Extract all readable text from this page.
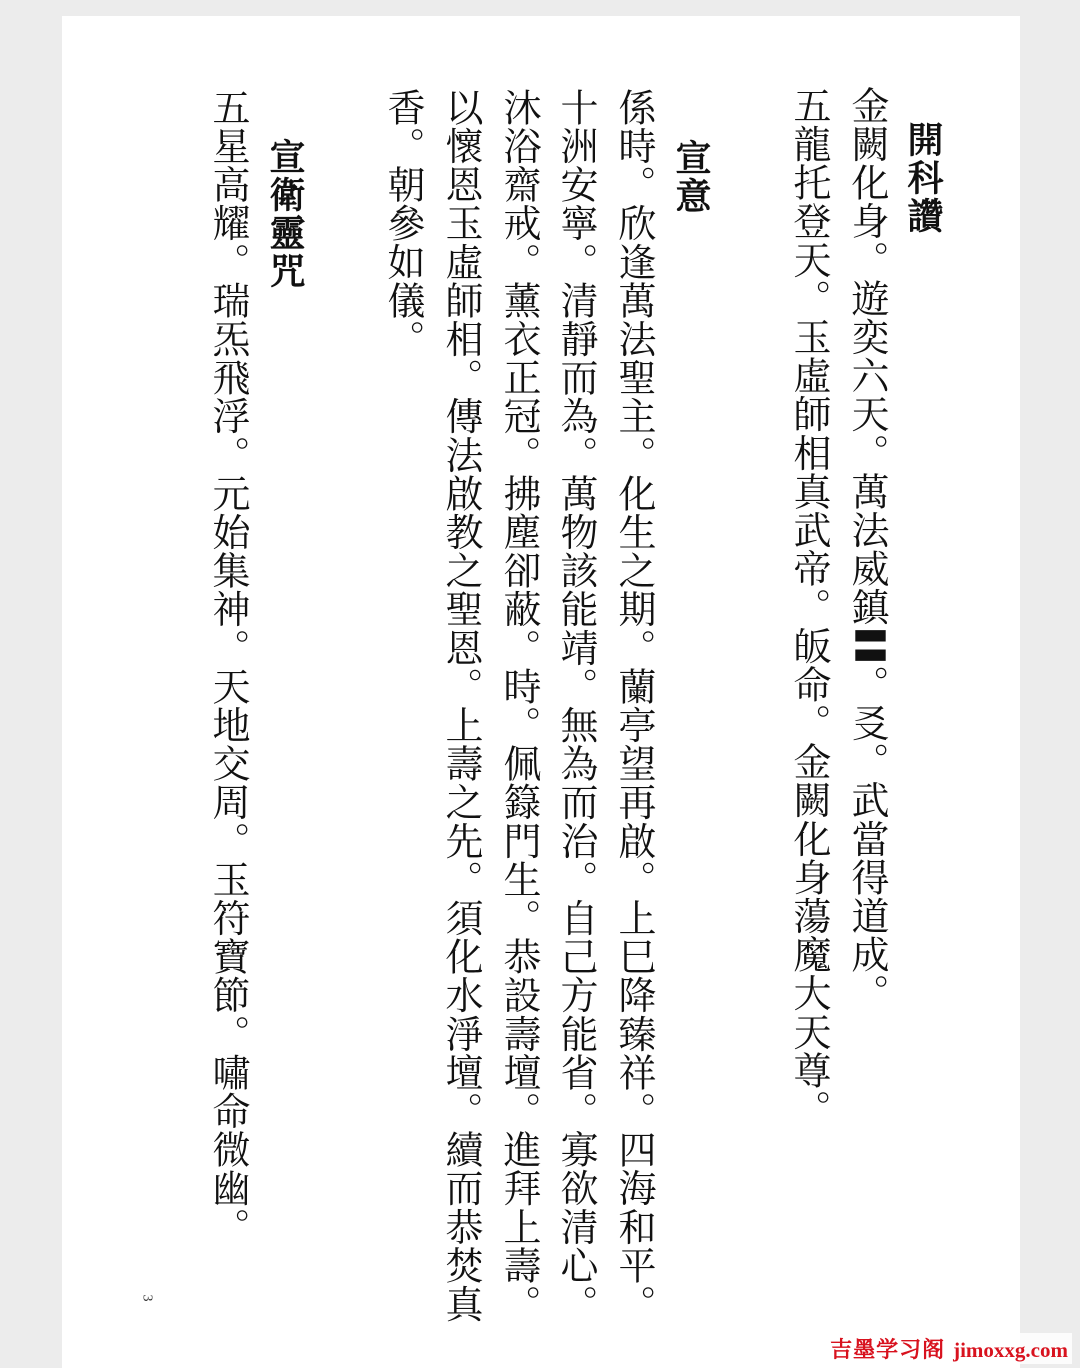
開科讚
金闕化身。遊奕六天。萬法威鎮〓。㕛。武當得道成。
五龍托登天。玉虛師相真武帝。皈命。金闕化身蕩魔大天尊。
宣意
係時。欣逢萬法聖主。化生之期。蘭亭望再啟。上巳降臻祥。四海和平。
十洲安寧。清靜而為。萬物該能靖。無為而治。自己方能省。寡欲清心。
沐浴齋戒。薰衣正冠。拂塵卻蔽。時。佩籙門生。恭設壽壇。進拜上壽。
以懷恩玉虛師相。傳法啟教之聖恩。上壽之先。須化水淨壇。續而恭焚真
香。朝參如儀。
宣衛靈咒
五星高耀。瑞炁飛浮。元始集神。天地交周。玉符寶節。嘯命微幽。
3
吉墨学习阁 jimoxxg.com
